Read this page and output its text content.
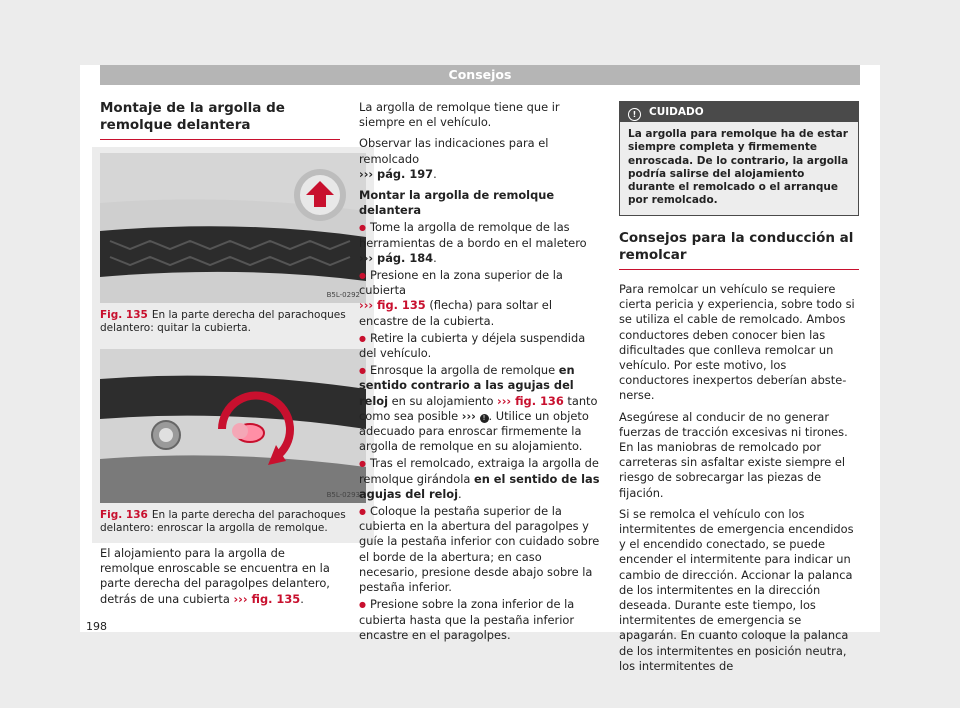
Consejos
Montaje de la argolla de remolque delantera
B5L-0292
Fig. 135 En la parte derecha del parachoques delantero: quitar la cubierta.
B5L-0293
Fig. 136 En la parte derecha del parachoques delantero: enroscar la argolla de remolque.

El alojamiento para la argolla de remolque enroscable se encuentra en la parte derecha del paragolpes delantero, detrás de una cubierta ››› fig. 135.

La argolla de remolque tiene que ir siempre en el vehículo.

Observar las indicaciones para el remolcado
››› pág. 197.

Montar la argolla de remolque delantera

● Tome la argolla de remolque de las herramientas de a bordo en el maletero
››› pág. 184.

● Presione en la zona superior de la cubierta
››› fig. 135 (flecha) para soltar el encastre de la cubierta.

● Retire la cubierta y déjela suspendida del vehículo.

● Enrosque la argolla de remolque en sentido contrario a las agujas del reloj en su alojamiento ››› fig. 136 tanto como sea posible ››› ! . Utilice un objeto adecuado para enroscar firmemente la argolla de remolque en su alojamiento.

● Tras el remolcado, extraiga la argolla de remolque girándola en el sentido de las agujas del reloj.

● Coloque la pestaña superior de la cubierta en la abertura del paragolpes y guíe la pestaña inferior con cuidado sobre el borde de la abertura; en caso necesario, presione desde abajo sobre la pestaña inferior.

● Presione sobre la zona inferior de la cubierta hasta que la pestaña inferior encastre en el paragolpes.

! CUIDADO
La argolla para remolque ha de estar siempre completa y firmemente enroscada. De lo contrario, la argolla podría salirse del alojamiento durante el remolcado o el arranque por remolcado.
Consejos para la conducción al remolcar

Para remolcar un vehículo se requiere cierta pericia y experiencia, sobre todo si se utiliza el cable de remolcado. Ambos conductores deben conocer bien las dificultades que conlleva remolcar un vehículo. Por este motivo, los conductores inexpertos deberían abstenerse.

Asegúrese al conducir de no generar fuerzas de tracción excesivas ni tirones. En las maniobras de remolcado por carreteras sin asfaltar existe siempre el riesgo de sobrecargar las piezas de fijación.

Si se remolca el vehículo con los intermitentes de emergencia encendidos y el encendido conectado, se puede encender el intermitente para indicar un cambio de dirección. Accionar la palanca de los intermitentes en la dirección deseada. Durante este tiempo, los intermitentes de emergencia se apagarán. En cuanto coloque la palanca de los intermitentes en posición neutra, los intermitentes de

198
